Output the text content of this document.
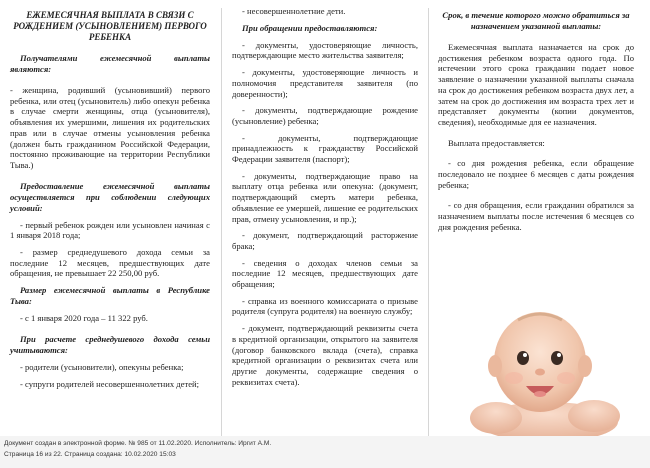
ЕЖЕМЕСЯЧНАЯ ВЫПЛАТА В СВЯЗИ С РОЖДЕНИЕМ (УСЫНОВЛЕНИЕМ) ПЕРВОГО РЕБЕНКА

Получателями ежемесячной выплаты являются:

- женщина, родивший (усыновивший) первого ребенка, или отец (усыновитель) либо опекун ребенка в случае смерти женщины, отца (усыновителя), объявления их умершими, лишения их родительских прав или в случае отмены усыновления ребенка (должен быть гражданином Российской Федерации, постоянно проживающие на территории Республики Тыва.)

Предоставление ежемесячной выплаты осуществляется при соблюдении следующих условий:

- первый ребенок рожден или усыновлен начиная с 1 января 2018 года;

- размер среднедушевого дохода семьи за последние 12 месяцев, предшествующих дате обращения, не превышает 22 250,00 руб.

Размер ежемесячной выплаты в Республике Тыва:

- с 1 января 2020 года – 11 322 руб.

При расчете среднедушевого дохода семьи учитываются:

- родители (усыновители), опекуны ребенка;

- супруги родителей несовершеннолетних детей;

- несовершеннолетние дети.

При обращении предоставляются:

- документы, удостоверяющие личность, подтверждающие место жительства заявителя;

- документы, удостоверяющие личность и полномочия представителя заявителя (по доверенности);

- документы, подтверждающие рождение (усыновление) ребенка;

- документы, подтверждающие принадлежность к гражданству Российской Федерации заявителя (паспорт);

- документы, подтверждающие право на выплату отца ребенка или опекуна: (документ, подтверждающий смерть матери ребенка, объявление ее умершей, лишение ее родительских прав, отмену усыновления, и пр.);

- документ, подтверждающий расторжение брака;

- сведения о доходах членов семьи за последние 12 месяцев, предшествующих дате обращения;

- справка из военного комиссариата о призыве родителя (супруга родителя) на военную службу;

- документ, подтверждающий реквизиты счета в кредитной организации, открытого на заявителя (договор банковского вклада (счета), справка кредитной организации о реквизитах счета или другие документы, содержащие сведения о реквизитах счета).

Срок, в течение которого можно обратиться за назначением указанной выплаты:

Ежемесячная выплата назначается на срок до достижения ребенком возраста одного года. По истечении этого срока гражданин подает новое заявление о назначении указанной выплаты сначала на срок до достижения ребенком возраста двух лет, а затем на срок до достижения им возраста трех лет и представляет документы (копии документов, сведения), необходимые для ее назначения.

Выплата предоставляется:

- со дня рождения ребенка, если обращение последовало не позднее 6 месяцев с даты рождения ребенка;

- со дня обращения, если гражданин обратился за назначением выплаты после истечения 6 месяцев со дня рождения ребенка.

Документ создан в электронной форме. № 985 от 11.02.2020. Исполнитель: Иргит А.М.
Страница 16 из 22. Страница создана: 10.02.2020 15:03
